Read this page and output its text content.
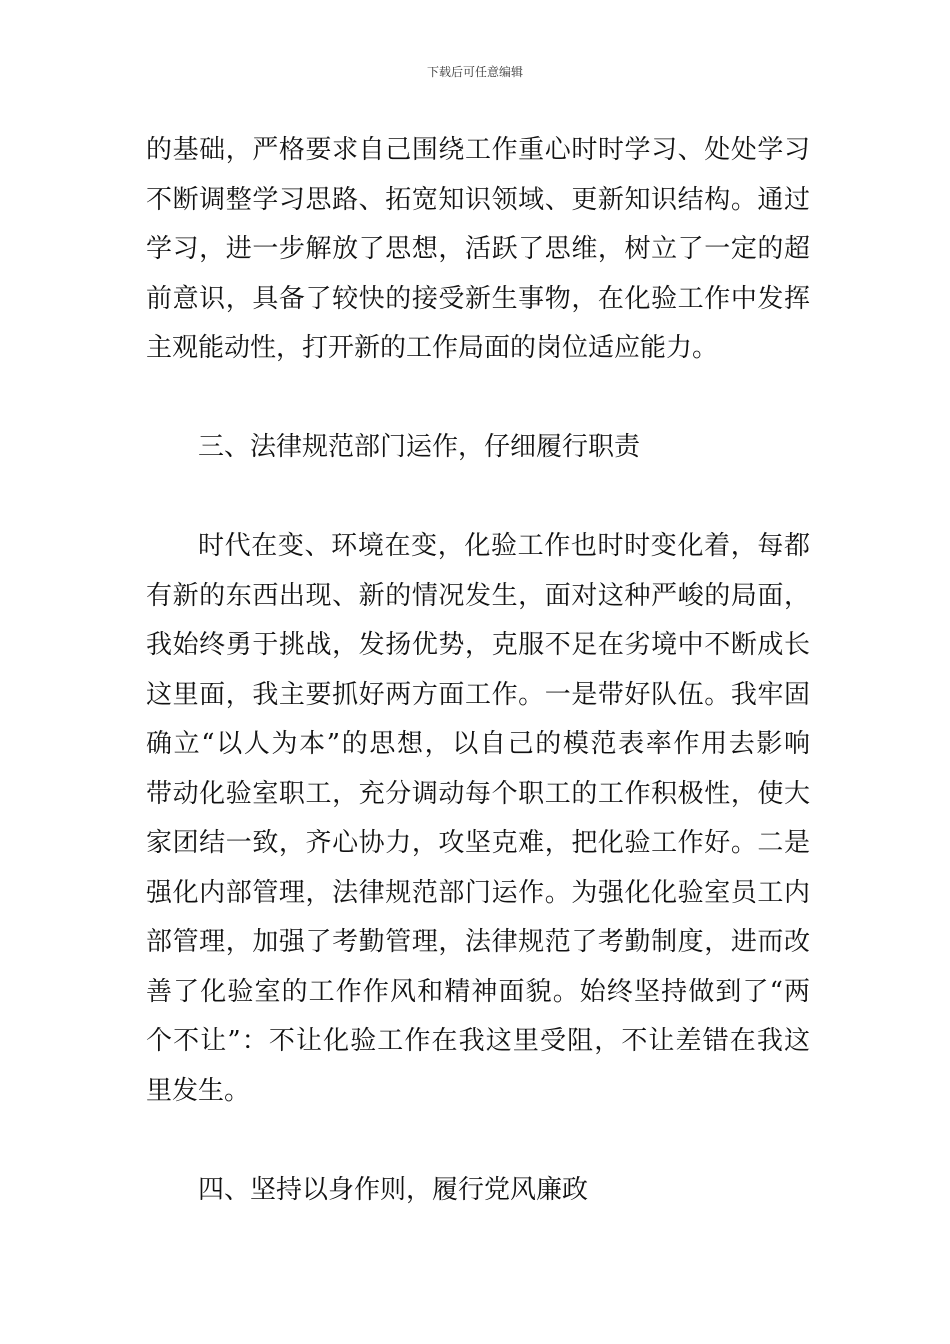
下载后可任意编辑
的基础，严格要求自己围绕工作重心时时学习、处处学习
不断调整学习思路、拓宽知识领域、更新知识结构。通过
学习，进一步解放了思想，活跃了思维，树立了一定的超
前意识，具备了较快的接受新生事物，在化验工作中发挥
主观能动性，打开新的工作局面的岗位适应能力。
三、法律规范部门运作，仔细履行职责
时代在变、环境在变，化验工作也时时变化着，每都
有新的东西出现、新的情况发生，面对这种严峻的局面，
我始终勇于挑战，发扬优势，克服不足在劣境中不断成长
这里面，我主要抓好两方面工作。一是带好队伍。我牢固
确立“以人为本”的思想，以自己的模范表率作用去影响
带动化验室职工，充分调动每个职工的工作积极性，使大
家团结一致，齐心协力，攻坚克难，把化验工作好。二是
强化内部管理，法律规范部门运作。为强化化验室员工内
部管理，加强了考勤管理，法律规范了考勤制度，进而改
善了化验室的工作作风和精神面貌。始终坚持做到了“两
个不让”：不让化验工作在我这里受阻，不让差错在我这
里发生。
四、坚持以身作则，履行党风廉政
